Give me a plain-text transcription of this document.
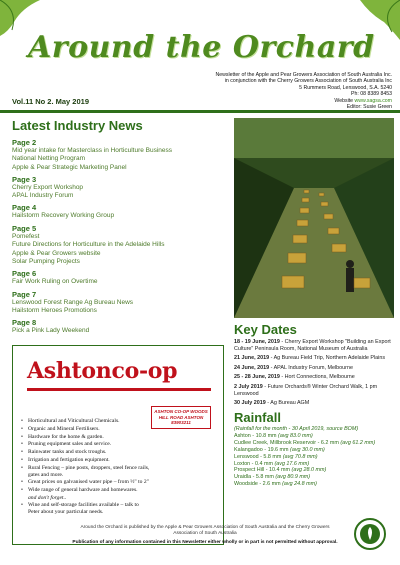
Around the Orchard
Newsletter of the Apple and Pear Growers Association of South Australia Inc.
in conjunction with the Cherry Growers Association of South Australia Inc
5 Rummers Road, Lenswood, S.A. 5240
Ph: 08 8389 8453
Website www.sagsa.com
Editor: Susie Green
Vol.11 No 2. May 2019
Latest Industry News
Page 2
Mid year intake for Masterclass in Horticulture Business
National Netting Program
Apple & Pear Strategic Marketing Panel
Page 3
Cherry Export Workshop
APAL Industry Forum
Page 4
Hailstorm Recovery Working Group
Page 5
Pomefest
Future Directions for Horticulture in the Adelaide Hills
Apple & Pear Growers website
Solar Pumping Projects
Page 6
Fair Work Ruling on Overtime
Page 7
Lenswood Forest Range Ag Bureau News
Hailstorm Heroes Promotions
Page 8
Pick a Pink Lady Weekend	Key Dates
18 - 19 June, 2019 - Cherry Export Workshop "Building an Export Culture" Peninsula Room, National Museum of Australia
21 June, 2019 - Ag Bureau Field Trip, Northern Adelaide Plains
24 June, 2019 - APAL Industry Forum, Melbourne
25 - 28 June, 2019 - Hort Connections, Melbourne
2 July 2019 - Future Orchards® Winter Orchard Walk, 1 pm Lenswood
30 July 2019 - Ag Bureau AGM
Rainfall
(Rainfall for the month - 30 April 2019, source BOM)
Ashton - 10.8 mm (avg 83.0 mm)
Cudlee Creek, Millbrook Reservoir - 6.2 mm (avg 61.2 mm)
Kalangadoo - 19.6 mm (avg 30.0 mm)
Lenswood - 5.8 mm (avg 70.8 mm)
Loxton - 0.4 mm (avg 17.6 mm)
Prospect Hill - 10.4 mm (avg 28.0 mm)
Uraidla - 5.8 mm (avg 80.9 mm)
Woodside - 2.6 mm (avg 24.8 mm)
Ashtonco-op
ASHTON CO-OP WOODS HILL ROAD ASHTON 83903211
• Horticultural and Viticultural Chemicals.
• Organic and Mineral Fertilisers.
• Hardware for the home & garden.
• Pruning equipment sales and service.
• Rainwater tanks and stock troughs.
• Irrigation and fertigation equipment.
• Rural Fencing – pine posts, droppers, steel fence rails, gates and more.
• Great prices on galvanised water pipe – from ½" to 2"
• Wide range of general hardware and homewares.
and don't forget..
• Wine and self-storage facilities available – talk to Peter about your particular needs.
Around the Orchard is published by the Apple & Pear Growers Association of South Australia and the Cherry Growers Association of South Australia
Publication of any information contained in this Newsletter either wholly or in part is not permitted without approval.
